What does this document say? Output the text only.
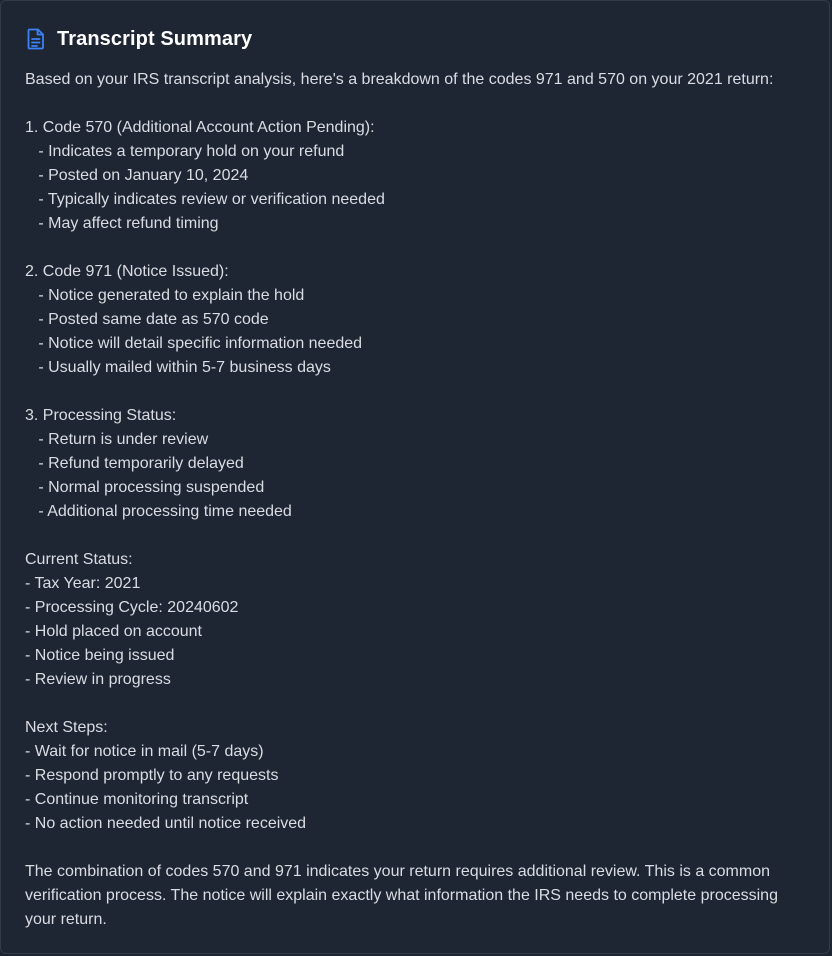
Transcript Summary
Based on your IRS transcript analysis, here's a breakdown of the codes 971 and 570 on your 2021 return:
1. Code 570 (Additional Account Action Pending):
- Indicates a temporary hold on your refund
- Posted on January 10, 2024
- Typically indicates review or verification needed
- May affect refund timing
2. Code 971 (Notice Issued):
- Notice generated to explain the hold
- Posted same date as 570 code
- Notice will detail specific information needed
- Usually mailed within 5-7 business days
3. Processing Status:
- Return is under review
- Refund temporarily delayed
- Normal processing suspended
- Additional processing time needed
Current Status:
- Tax Year: 2021
- Processing Cycle: 20240602
- Hold placed on account
- Notice being issued
- Review in progress
Next Steps:
- Wait for notice in mail (5-7 days)
- Respond promptly to any requests
- Continue monitoring transcript
- No action needed until notice received
The combination of codes 570 and 971 indicates your return requires additional review. This is a common verification process. The notice will explain exactly what information the IRS needs to complete processing your return.
